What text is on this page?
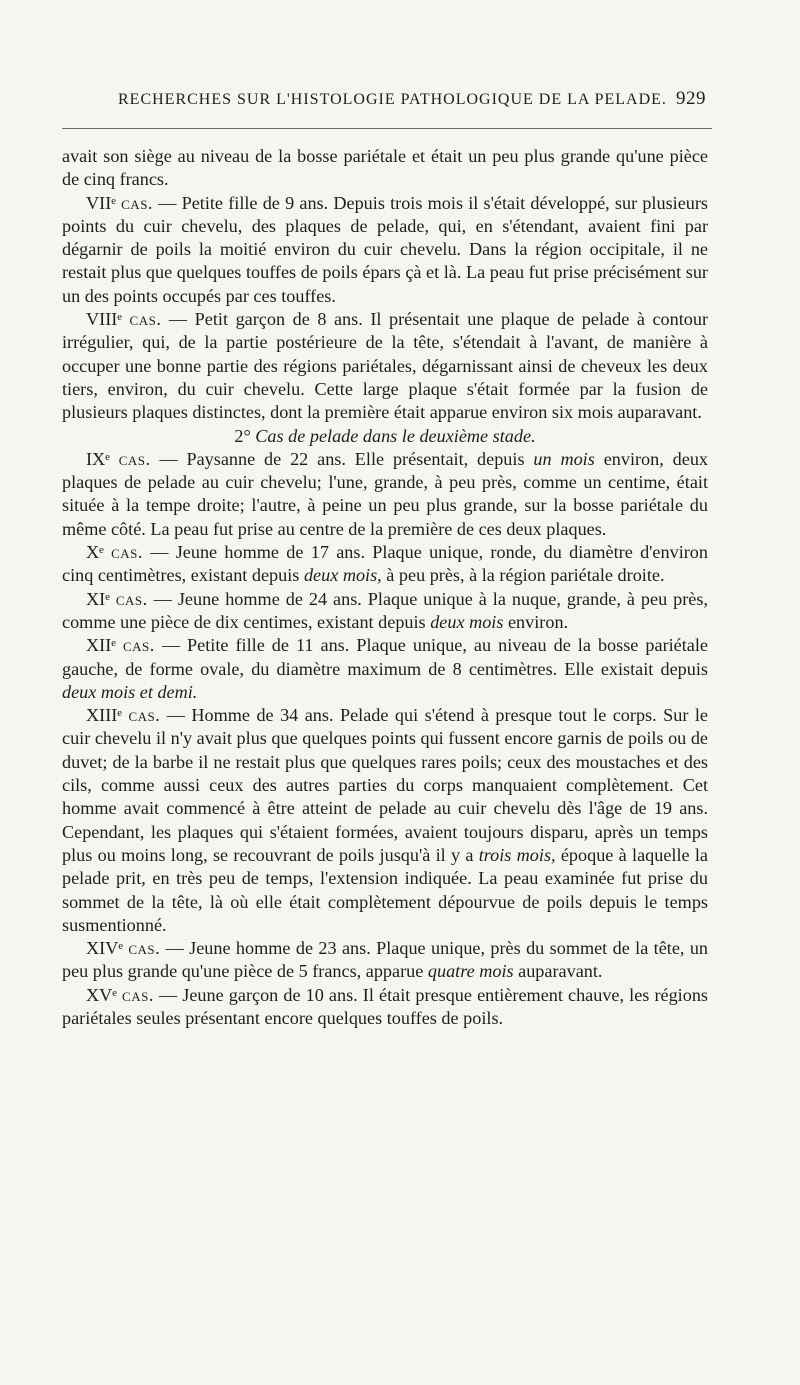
RECHERCHES SUR L'HISTOLOGIE PATHOLOGIQUE DE LA PELADE. 929

avait son siège au niveau de la bosse pariétale et était un peu plus grande qu'une pièce de cinq francs.

VIIᵉ cas. — Petite fille de 9 ans. Depuis trois mois il s'était développé, sur plusieurs points du cuir chevelu, des plaques de pelade, qui, en s'étendant, avaient fini par dégarnir de poils la moitié environ du cuir chevelu. Dans la région occipitale, il ne restait plus que quelques touffes de poils épars çà et là. La peau fut prise précisément sur un des points occupés par ces touffes.

VIIIᵉ cas. — Petit garçon de 8 ans. Il présentait une plaque de pelade à contour irrégulier, qui, de la partie postérieure de la tête, s'étendait à l'avant, de manière à occuper une bonne partie des régions pariétales, dégarnissant ainsi de cheveux les deux tiers, environ, du cuir chevelu. Cette large plaque s'était formée par la fusion de plusieurs plaques distinctes, dont la première était apparue environ six mois auparavant.

2° Cas de pelade dans le deuxième stade.

IXᵉ cas. — Paysanne de 22 ans. Elle présentait, depuis un mois environ, deux plaques de pelade au cuir chevelu; l'une, grande, à peu près, comme un centime, était située à la tempe droite; l'autre, à peine un peu plus grande, sur la bosse pariétale du même côté. La peau fut prise au centre de la première de ces deux plaques.

Xᵉ cas. — Jeune homme de 17 ans. Plaque unique, ronde, du diamètre d'environ cinq centimètres, existant depuis deux mois, à peu près, à la région pariétale droite.

XIᵉ cas. — Jeune homme de 24 ans. Plaque unique à la nuque, grande, à peu près, comme une pièce de dix centimes, existant depuis deux mois environ.

XIIᵉ cas. — Petite fille de 11 ans. Plaque unique, au niveau de la bosse pariétale gauche, de forme ovale, du diamètre maximum de 8 centimètres. Elle existait depuis deux mois et demi.

XIIIᵉ cas. — Homme de 34 ans. Pelade qui s'étend à presque tout le corps. Sur le cuir chevelu il n'y avait plus que quelques points qui fussent encore garnis de poils ou de duvet; de la barbe il ne restait plus que quelques rares poils; ceux des moustaches et des cils, comme aussi ceux des autres parties du corps manquaient complètement. Cet homme avait commencé à être atteint de pelade au cuir chevelu dès l'âge de 19 ans. Cependant, les plaques qui s'étaient formées, avaient toujours disparu, après un temps plus ou moins long, se recouvrant de poils jusqu'à il y a trois mois, époque à laquelle la pelade prit, en très peu de temps, l'extension indiquée. La peau examinée fut prise du sommet de la tête, là où elle était complètement dépourvue de poils depuis le temps susmentionné.

XIVᵉ cas. — Jeune homme de 23 ans. Plaque unique, près du sommet de la tête, un peu plus grande qu'une pièce de 5 francs, apparue quatre mois auparavant.

XVᵉ cas. — Jeune garçon de 10 ans. Il était presque entièrement chauve, les régions pariétales seules présentant encore quelques touffes de poils.
